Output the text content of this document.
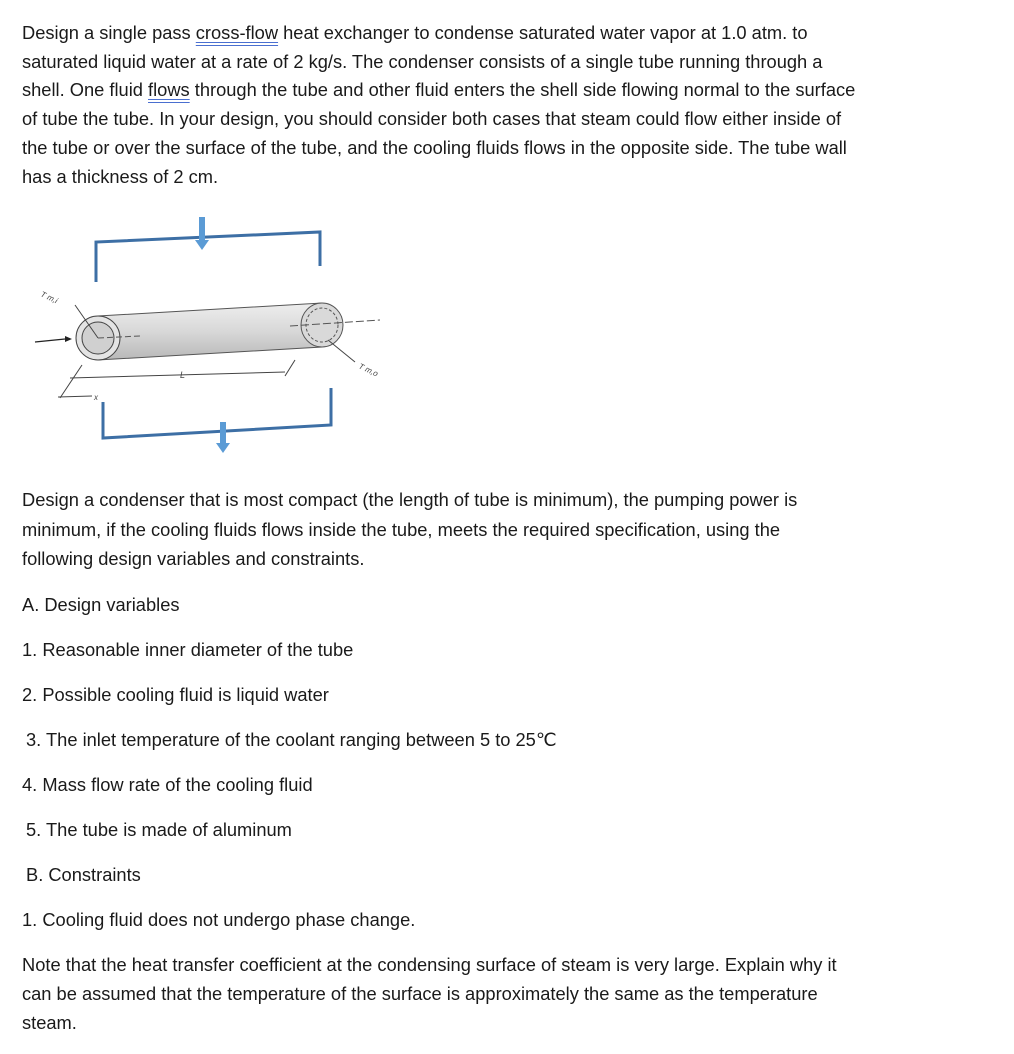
Design a single pass cross-flow heat exchanger to condense saturated water vapor at 1.0 atm. to
saturated liquid water at a rate of 2 kg/s. The condenser consists of a single tube running through a
shell. One fluid flows through the tube and other fluid enters the shell side flowing normal to the surface
of tube the tube. In your design, you should consider both cases that steam could flow either inside of
the tube or over the surface of the tube, and the cooling fluids flows in the opposite side. The tube wall
has a thickness of 2 cm.
T m,i
T m,o
L
x
Design a condenser that is most compact (the length of tube is minimum), the pumping power is
minimum, if the cooling fluids flows inside the tube, meets the required specification, using the
following design variables and constraints.
A. Design variables
1. Reasonable inner diameter of the tube
2. Possible cooling fluid is liquid water
3. The inlet temperature of the coolant ranging between 5 to 25℃
4. Mass flow rate of the cooling fluid
5. The tube is made of aluminum
B. Constraints
1. Cooling fluid does not undergo phase change.
Note that the heat transfer coefficient at the condensing surface of steam is very large. Explain why it
can be assumed that the temperature of the surface is approximately the same as the temperature
steam.
